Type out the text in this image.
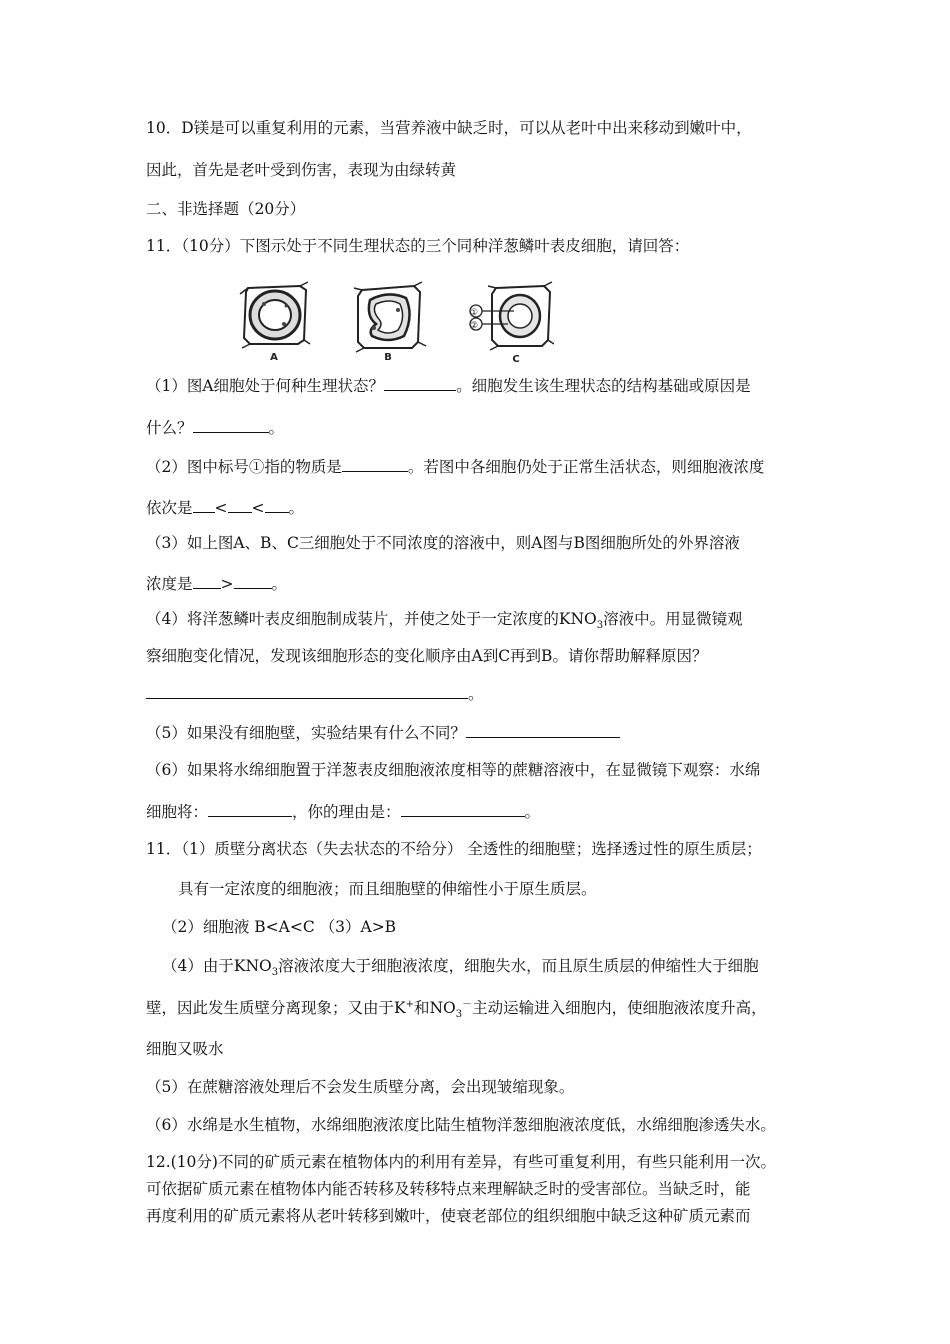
10．D镁是可以重复利用的元素，当营养液中缺乏时，可以从老叶中出来移动到嫩叶中，
因此，首先是老叶受到伤害，表现为由绿转黄
二、非选择题（20分）
11．（10分）下图示处于不同生理状态的三个同种洋葱鳞叶表皮细胞，请回答：
①
②
A	B	C
（1）图A细胞处于何种生理状态？	。细胞发生该生理状态的结构基础或原因是
什么？	。
（2）图中标号①指的物质是	。若图中各细胞仍处于正常生活状态，则细胞液浓度
依次是 < < 。
（3）如上图A、B、C三细胞处于不同浓度的溶液中，则A图与B图细胞所处的外界溶液
浓度是 > 。
（4）将洋葱鳞叶表皮细胞制成装片，并使之处于一定浓度的$KNO_3$溶液中。用显微镜观
察细胞变化情况，发现该细胞形态的变化顺序由A到C再到B。请你帮助解释原因？
。
（5）如果没有细胞壁，实验结果有什么不同？
（6）如果将水绵细胞置于洋葱表皮细胞液浓度相等的蔗糖溶液中，在显微镜下观察：水绵
细胞将：	，你的理由是：	。
11．（1）质壁分离状态（失去状态的不给分） 全透性的细胞壁；选择透过性的原生质层；
具有一定浓度的细胞液；而且细胞壁的伸缩性小于原生质层。
（2）细胞液 B<A<C （3）A>B
（4）由于$KNO_3$溶液浓度大于细胞液浓度，细胞失水，而且原生质层的伸缩性大于细胞
壁，因此发生质壁分离现象；又由于K+和$NO_3^-$主动运输进入细胞内，使细胞液浓度升高，
细胞又吸水
（5）在蔗糖溶液处理后不会发生质壁分离，会出现皱缩现象。
（6）水绵是水生植物，水绵细胞液浓度比陆生植物洋葱细胞液浓度低，水绵细胞渗透失水。
12.(10分)不同的矿质元素在植物体内的利用有差异，有些可重复利用，有些只能利用一次。
可依据矿质元素在植物体内能否转移及转移特点来理解缺乏时的受害部位。当缺乏时，能
再度利用的矿质元素将从老叶转移到嫩叶，使衰老部位的组织细胞中缺乏这种矿质元素而
